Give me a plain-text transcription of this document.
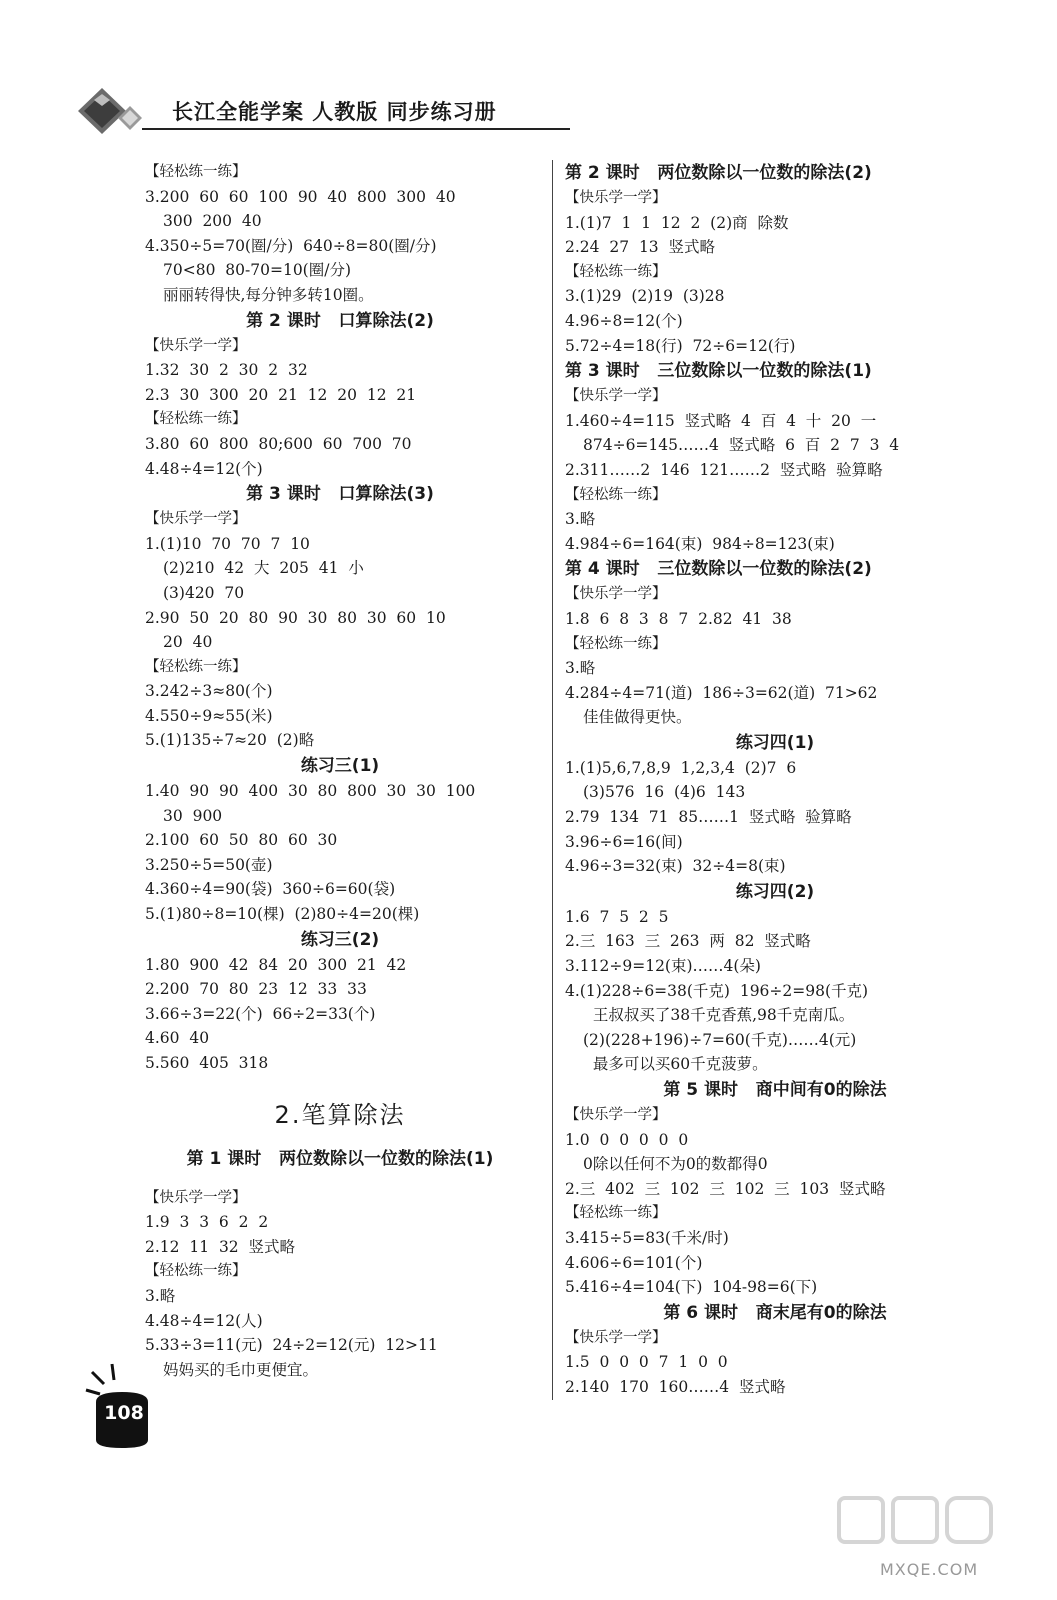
长江全能学案 人教版 同步练习册
【轻松练一练】
3.200  60  60  100  90  40  800  300  40
300  200  40
4.350÷5=70(圈/分)  640÷8=80(圈/分)
70<80  80-70=10(圈/分)
丽丽转得快,每分钟多转10圈。
第 2 课时   口算除法(2)
【快乐学一学】
1.32  30  2  30  2  32
2.3  30  300  20  21  12  20  12  21
【轻松练一练】
3.80  60  800  80;600  60  700  70
4.48÷4=12(个)
第 3 课时   口算除法(3)
【快乐学一学】
1.(1)10  70  70  7  10
(2)210  42  大  205  41  小
(3)420  70
2.90  50  20  80  90  30  80  30  60  10
20  40
【轻松练一练】
3.242÷3≈80(个)
4.550÷9≈55(米)
5.(1)135÷7≈20  (2)略
练习三(1)
1.40  90  90  400  30  80  800  30  30  100
30  900
2.100  60  50  80  60  30
3.250÷5=50(壶)
4.360÷4=90(袋)  360÷6=60(袋)
5.(1)80÷8=10(棵)  (2)80÷4=20(棵)
练习三(2)
1.80  900  42  84  20  300  21  42
2.200  70  80  23  12  33  33
3.66÷3=22(个)  66÷2=33(个)
4.60  40
5.560  405  318
2.笔算除法
第 1 课时   两位数除以一位数的除法(1)
【快乐学一学】
1.9  3  3  6  2  2
2.12  11  32  竖式略
【轻松练一练】
3.略
4.48÷4=12(人)
5.33÷3=11(元)  24÷2=12(元)  12>11
妈妈买的毛巾更便宜。
第 2 课时   两位数除以一位数的除法(2)
【快乐学一学】
1.(1)7  1  1  12  2  (2)商  除数
2.24  27  13  竖式略
【轻松练一练】
3.(1)29  (2)19  (3)28
4.96÷8=12(个)
5.72÷4=18(行)  72÷6=12(行)
第 3 课时   三位数除以一位数的除法(1)
【快乐学一学】
1.460÷4=115  竖式略  4  百  4  十  20  一
874÷6=145……4  竖式略  6  百  2  7  3  4
2.311……2  146  121……2  竖式略  验算略
【轻松练一练】
3.略
4.984÷6=164(束)  984÷8=123(束)
第 4 课时   三位数除以一位数的除法(2)
【快乐学一学】
1.8  6  8  3  8  7  2.82  41  38
【轻松练一练】
3.略
4.284÷4=71(道)  186÷3=62(道)  71>62
佳佳做得更快。
练习四(1)
1.(1)5,6,7,8,9  1,2,3,4  (2)7  6
(3)576  16  (4)6  143
2.79  134  71  85……1  竖式略  验算略
3.96÷6=16(间)
4.96÷3=32(束)  32÷4=8(束)
练习四(2)
1.6  7  5  2  5
2.三  163  三  263  两  82  竖式略
3.112÷9=12(束)……4(朵)
4.(1)228÷6=38(千克)  196÷2=98(千克)
王叔叔买了38千克香蕉,98千克南瓜。
(2)(228+196)÷7=60(千克)……4(元)
最多可以买60千克菠萝。
第 5 课时   商中间有0的除法
【快乐学一学】
1.0  0  0  0  0  0
0除以任何不为0的数都得0
2.三  402  三  102  三  102  三  103  竖式略
【轻松练一练】
3.415÷5=83(千米/时)
4.606÷6=101(个)
5.416÷4=104(下)  104-98=6(下)
第 6 课时   商末尾有0的除法
【快乐学一学】
1.5  0  0  0  7  1  0  0
2.140  170  160……4  竖式略
108
MXQE.COM
